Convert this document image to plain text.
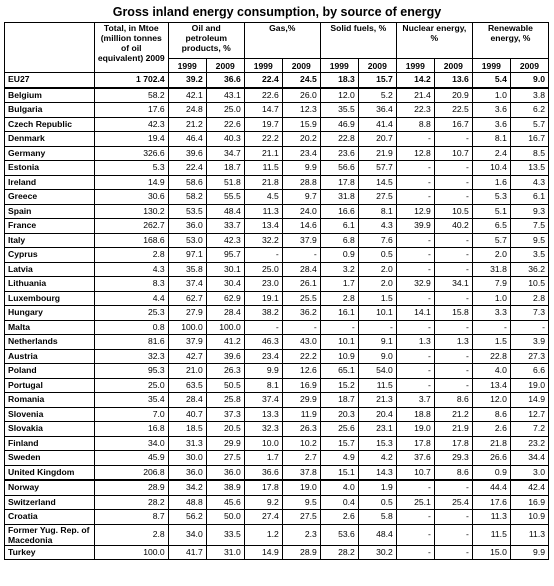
Gross inland energy consumption, by source of energy
	Total, in Mtoe (million tonnes of oil equivalent) 2009	Oil and petroleum products, %		Gas,%		Solid fuels, %		Nuclear energy, %		Renewable energy, %	
		1999	2009	1999	2009	1999	2009	1999	2009	1999	2009
EU27	1 702.4	39.2	36.6	22.4	24.5	18.3	15.7	14.2	13.6	5.4	9.0
Belgium	58.2	42.1	43.1	22.6	26.0	12.0	5.2	21.4	20.9	1.0	3.8
Bulgaria	17.6	24.8	25.0	14.7	12.3	35.5	36.4	22.3	22.5	3.6	6.2
Czech Republic	42.3	21.2	22.6	19.7	15.9	46.9	41.4	8.8	16.7	3.6	5.7
Denmark	19.4	46.4	40.3	22.2	20.2	22.8	20.7	-	-	8.1	16.7
Germany	326.6	39.6	34.7	21.1	23.4	23.6	21.9	12.8	10.7	2.4	8.5
Estonia	5.3	22.4	18.7	11.5	9.9	56.6	57.7	-	-	10.4	13.5
Ireland	14.9	58.6	51.8	21.8	28.8	17.8	14.5	-	-	1.6	4.3
Greece	30.6	58.2	55.5	4.5	9.7	31.8	27.5	-	-	5.3	6.1
Spain	130.2	53.5	48.4	11.3	24.0	16.6	8.1	12.9	10.5	5.1	9.3
France	262.7	36.0	33.7	13.4	14.6	6.1	4.3	39.9	40.2	6.5	7.5
Italy	168.6	53.0	42.3	32.2	37.9	6.8	7.6	-	-	5.7	9.5
Cyprus	2.8	97.1	95.7	-	-	0.9	0.5	-	-	2.0	3.5
Latvia	4.3	35.8	30.1	25.0	28.4	3.2	2.0	-	-	31.8	36.2
Lithuania	8.3	37.4	30.4	23.0	26.1	1.7	2.0	32.9	34.1	7.9	10.5
Luxembourg	4.4	62.7	62.9	19.1	25.5	2.8	1.5	-	-	1.0	2.8
Hungary	25.3	27.9	28.4	38.2	36.2	16.1	10.1	14.1	15.8	3.3	7.3
Malta	0.8	100.0	100.0	-	-	-	-	-	-	-	-
Netherlands	81.6	37.9	41.2	46.3	43.0	10.1	9.1	1.3	1.3	1.5	3.9
Austria	32.3	42.7	39.6	23.4	22.2	10.9	9.0	-	-	22.8	27.3
Poland	95.3	21.0	26.3	9.9	12.6	65.1	54.0	-	-	4.0	6.6
Portugal	25.0	63.5	50.5	8.1	16.9	15.2	11.5	-	-	13.4	19.0
Romania	35.4	28.4	25.8	37.4	29.9	18.7	21.3	3.7	8.6	12.0	14.9
Slovenia	7.0	40.7	37.3	13.3	11.9	20.3	20.4	18.8	21.2	8.6	12.7
Slovakia	16.8	18.5	20.5	32.3	26.3	25.6	23.1	19.0	21.9	2.6	7.2
Finland	34.0	31.3	29.9	10.0	10.2	15.7	15.3	17.8	17.8	21.8	23.2
Sweden	45.9	30.0	27.5	1.7	2.7	4.9	4.2	37.6	29.3	26.6	34.4
United Kingdom	206.8	36.0	36.0	36.6	37.8	15.1	14.3	10.7	8.6	0.9	3.0
Norway	28.9	34.2	38.9	17.8	19.0	4.0	1.9	-	-	44.4	42.4
Switzerland	28.2	48.8	45.6	9.2	9.5	0.4	0.5	25.1	25.4	17.6	16.9
Croatia	8.7	56.2	50.0	27.4	27.5	2.6	5.8	-	-	11.3	10.9
Former Yug. Rep. of Macedonia	2.8	34.0	33.5	1.2	2.3	53.6	48.4	-	-	11.5	11.3
Turkey	100.0	41.7	31.0	14.9	28.9	28.2	30.2	-	-	15.0	9.9
